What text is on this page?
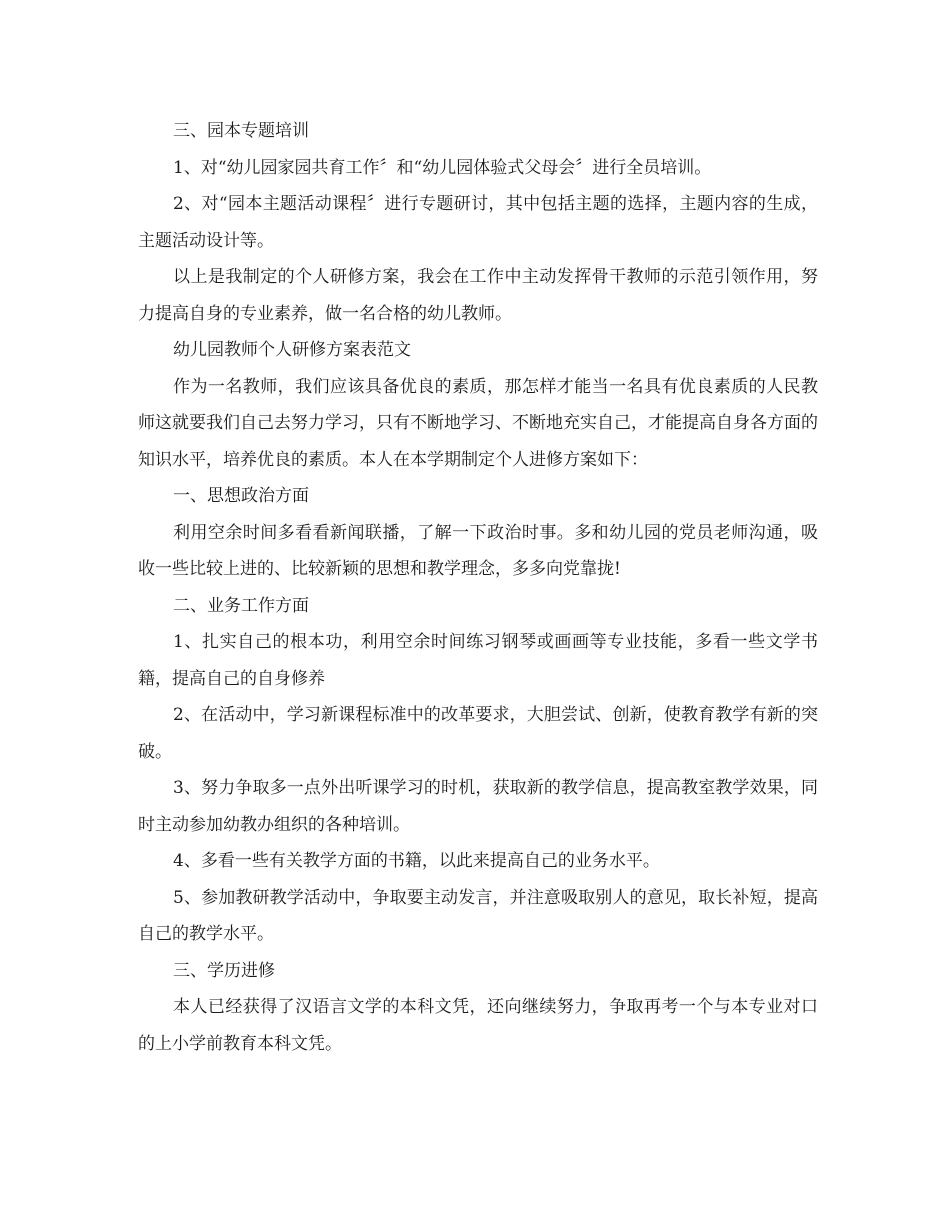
三、园本专题培训

1、对“幼儿园家园共育工作〞和“幼儿园体验式父母会〞进行全员培训。

2、对“园本主题活动课程〞进行专题研讨，其中包括主题的选择，主题内容的生成，主题活动设计等。

以上是我制定的个人研修方案，我会在工作中主动发挥骨干教师的示范引领作用，努力提高自身的专业素养，做一名合格的幼儿教师。

幼儿园教师个人研修方案表范文

作为一名教师，我们应该具备优良的素质，那怎样才能当一名具有优良素质的人民教师这就要我们自己去努力学习，只有不断地学习、不断地充实自己，才能提高自身各方面的知识水平，培养优良的素质。本人在本学期制定个人进修方案如下：

一、思想政治方面

利用空余时间多看看新闻联播，了解一下政治时事。多和幼儿园的党员老师沟通，吸收一些比较上进的、比较新颖的思想和教学理念，多多向党靠拢!

二、业务工作方面

1、扎实自己的根本功，利用空余时间练习钢琴或画画等专业技能，多看一些文学书籍，提高自己的自身修养

2、在活动中，学习新课程标准中的改革要求，大胆尝试、创新，使教育教学有新的突破。

3、努力争取多一点外出听课学习的时机，获取新的教学信息，提高教室教学效果，同时主动参加幼教办组织的各种培训。

4、多看一些有关教学方面的书籍，以此来提高自己的业务水平。

5、参加教研教学活动中，争取要主动发言，并注意吸取别人的意见，取长补短，提高自己的教学水平。

三、学历进修

本人已经获得了汉语言文学的本科文凭，还向继续努力，争取再考一个与本专业对口的上小学前教育本科文凭。
